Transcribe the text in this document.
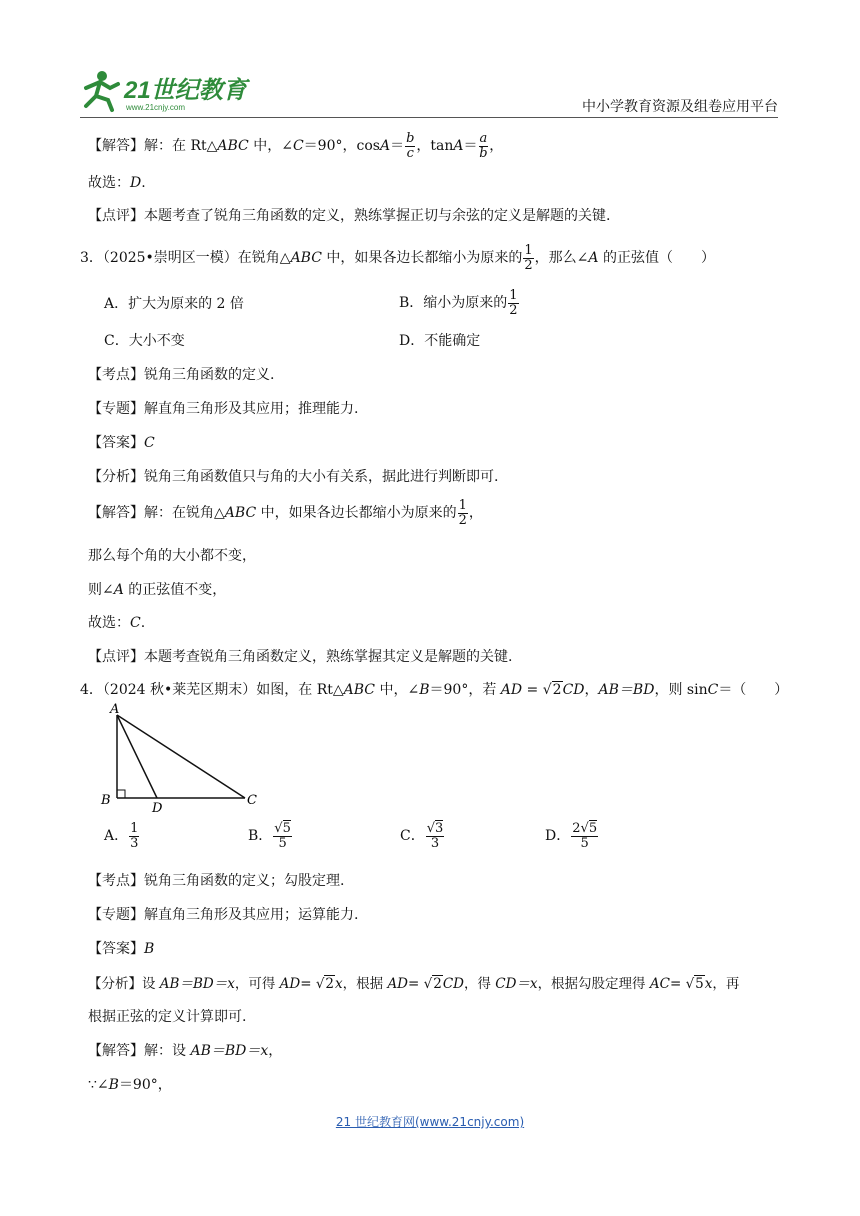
21世纪教育
www.21cnjy.com	中小学教育资源及组卷应用平台
【解答】解：在 Rt△ABC 中，∠C＝90°，$\cos A= \frac{b}{c}$ ，$\tan A= \frac{a}{b}$ ，
故选：D.
【点评】本题考查了锐角三角函数的定义，熟练掌握正切与余弦的定义是解题的关键.
3．（2025•崇明区一模）在锐角△ABC 中，如果各边长都缩小为原来的 $\frac{1}{2}$ ，那么∠A 的正弦值（　　）
A．扩大为原来的 2 倍	B．缩小为原来的 $\frac{1}{2}$
C．大小不变	D．不能确定
【考点】锐角三角函数的定义.
【专题】解直角三角形及其应用；推理能力.
【答案】C
【分析】锐角三角函数值只与角的大小有关系，据此进行判断即可.
【解答】解：在锐角△ABC 中，如果各边长都缩小为原来的 $\frac{1}{2}$ ，
那么每个角的大小都不变，
则∠A 的正弦值不变，
故选：C.
【点评】本题考查锐角三角函数定义，熟练掌握其定义是解题的关键.
4．（2024 秋•莱芜区期末）如图，在 Rt△ABC 中，∠B＝90°，若 AD = √2CD，AB＝BD，则 sinC＝（　　）
A
B
D
C
A． $\frac{1}{3}$	B． $\frac{√5}{5}$	C． $\frac{√3}{3}$	D． $\frac{2√5}{5}$
【考点】锐角三角函数的定义；勾股定理.
【专题】解直角三角形及其应用；运算能力.
【答案】B
【分析】设 AB＝BD＝x，可得 AD= √2x，根据 AD= √2CD，得 CD＝x，根据勾股定理得 AC= √5x，再
根据正弦的定义计算即可.
【解答】解：设 AB＝BD＝x，
∵∠B＝90°，
21 世纪教育网(www.21cnjy.com)
